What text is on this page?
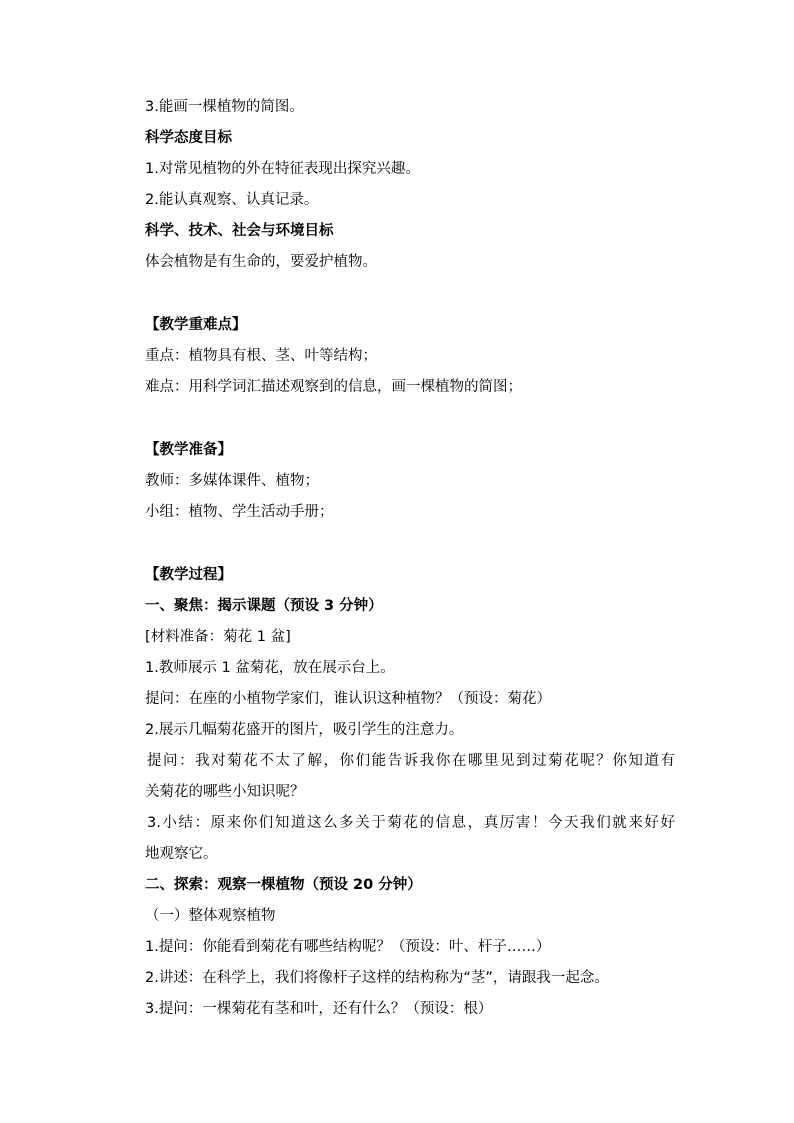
3.能画一棵植物的简图。
科学态度目标
1.对常见植物的外在特征表现出探究兴趣。
2.能认真观察、认真记录。
科学、技术、社会与环境目标
体会植物是有生命的，要爱护植物。
【教学重难点】
重点：植物具有根、茎、叶等结构；
难点：用科学词汇描述观察到的信息，画一棵植物的简图；
【教学准备】
教师：多媒体课件、植物；
小组：植物、学生活动手册；
【教学过程】
一、聚焦：揭示课题（预设 3 分钟）
[材料准备：菊花 1 盆]
1.教师展示 1 盆菊花，放在展示台上。
提问：在座的小植物学家们，谁认识这种植物？（预设：菊花）
2.展示几幅菊花盛开的图片，吸引学生的注意力。
提问：我对菊花不太了解，你们能告诉我你在哪里见到过菊花呢？你知道有
关菊花的哪些小知识呢？
3.小结：原来你们知道这么多关于菊花的信息，真厉害！今天我们就来好好
地观察它。
二、探索：观察一棵植物（预设 20 分钟）
（一）整体观察植物
1.提问：你能看到菊花有哪些结构呢？（预设：叶、杆子……）
2.讲述：在科学上，我们将像杆子这样的结构称为“茎”，请跟我一起念。
3.提问：一棵菊花有茎和叶，还有什么？（预设：根）
